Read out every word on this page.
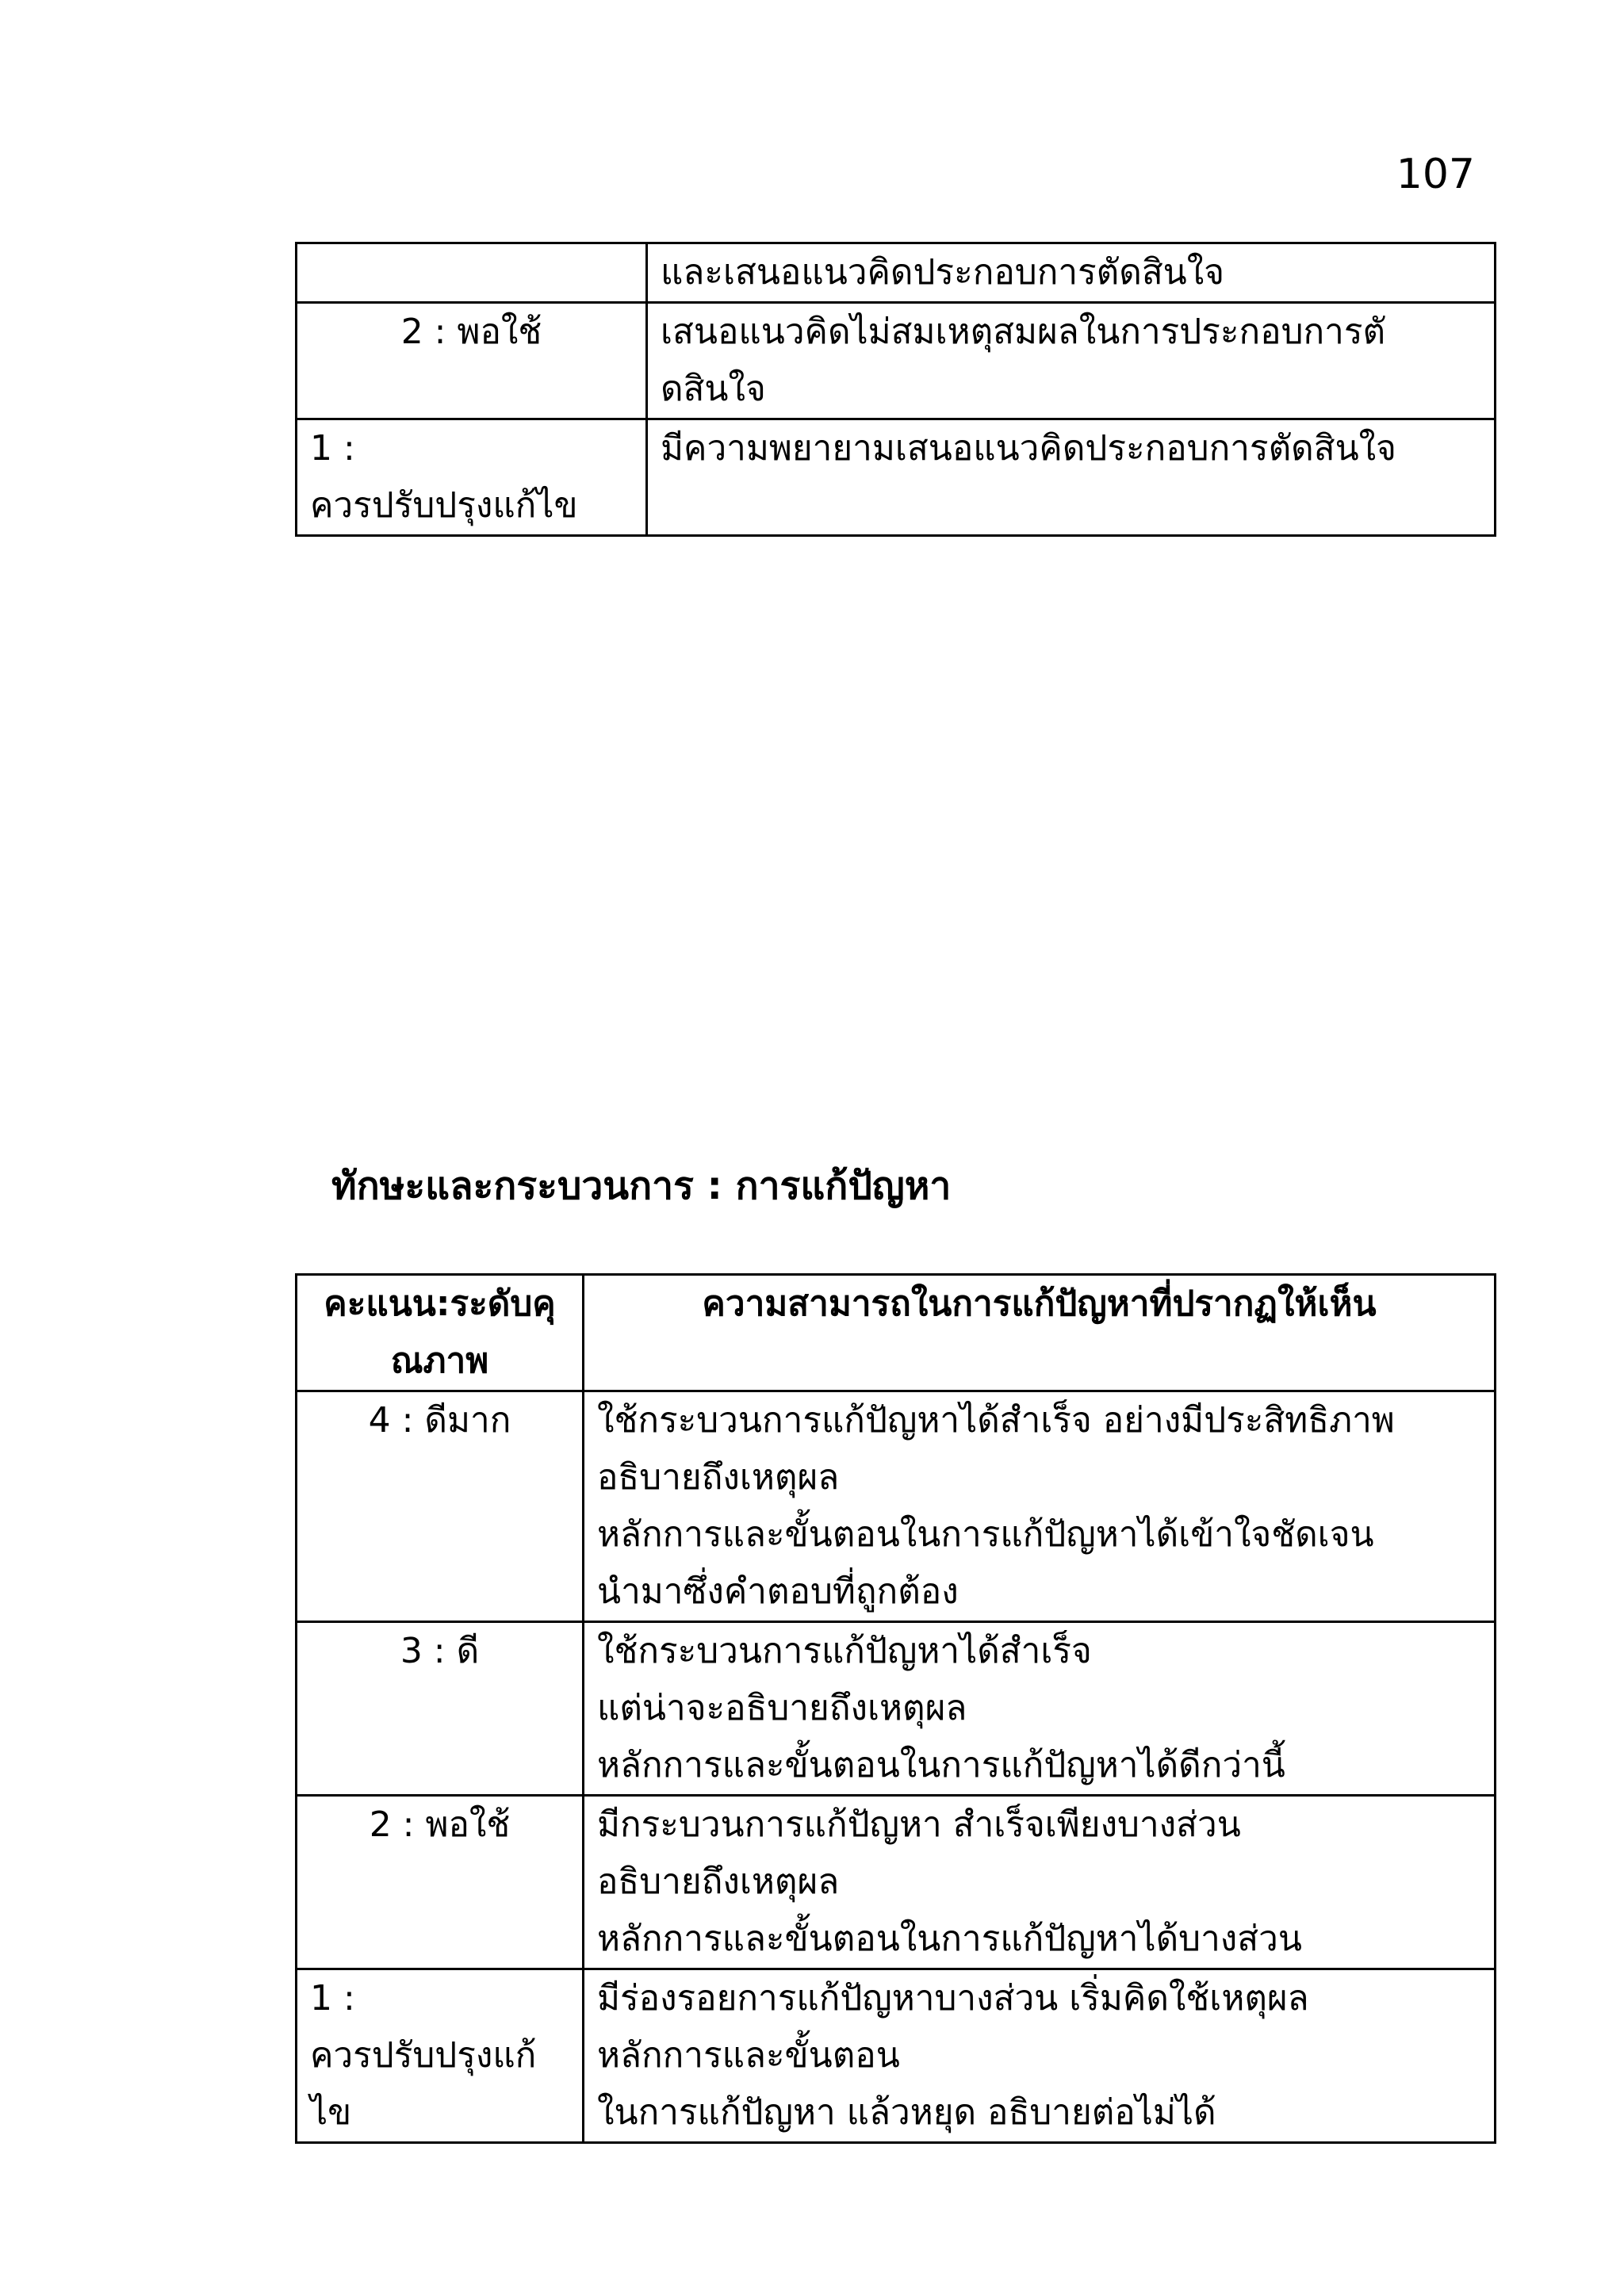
107

	และเสนอแนวคิดประกอบการตัดสินใจ

2 : พอใช้	เสนอแนวคิดไม่สมเหตุสมผลในการประกอบการตั
ดสินใจ

1 :
ควรปรับปรุงแก้ไข	มีความพยายามเสนอแนวคิดประกอบการตัดสินใจ
ทักษะและกระบวนการ : การแก้ปัญหา
คะแนน:ระดับคุ
ณภาพ	ความสามารถในการแก้ปัญหาที่ปรากฏให้เห็น

4 : ดีมาก	ใช้กระบวนการแก้ปัญหาได้สำเร็จ อย่างมีประสิทธิภาพ
อธิบายถึงเหตุผล
หลักการและขั้นตอนในการแก้ปัญหาได้เข้าใจชัดเจน
นำมาซึ่งคำตอบที่ถูกต้อง

3 : ดี	ใช้กระบวนการแก้ปัญหาได้สำเร็จ
แต่น่าจะอธิบายถึงเหตุผล
หลักการและขั้นตอนในการแก้ปัญหาได้ดีกว่านี้

2 : พอใช้	มีกระบวนการแก้ปัญหา สำเร็จเพียงบางส่วน
อธิบายถึงเหตุผล
หลักการและขั้นตอนในการแก้ปัญหาได้บางส่วน

1 :
ควรปรับปรุงแก้
ไข	มีร่องรอยการแก้ปัญหาบางส่วน เริ่มคิดใช้เหตุผล
หลักการและขั้นตอน
ในการแก้ปัญหา แล้วหยุด อธิบายต่อไม่ได้
